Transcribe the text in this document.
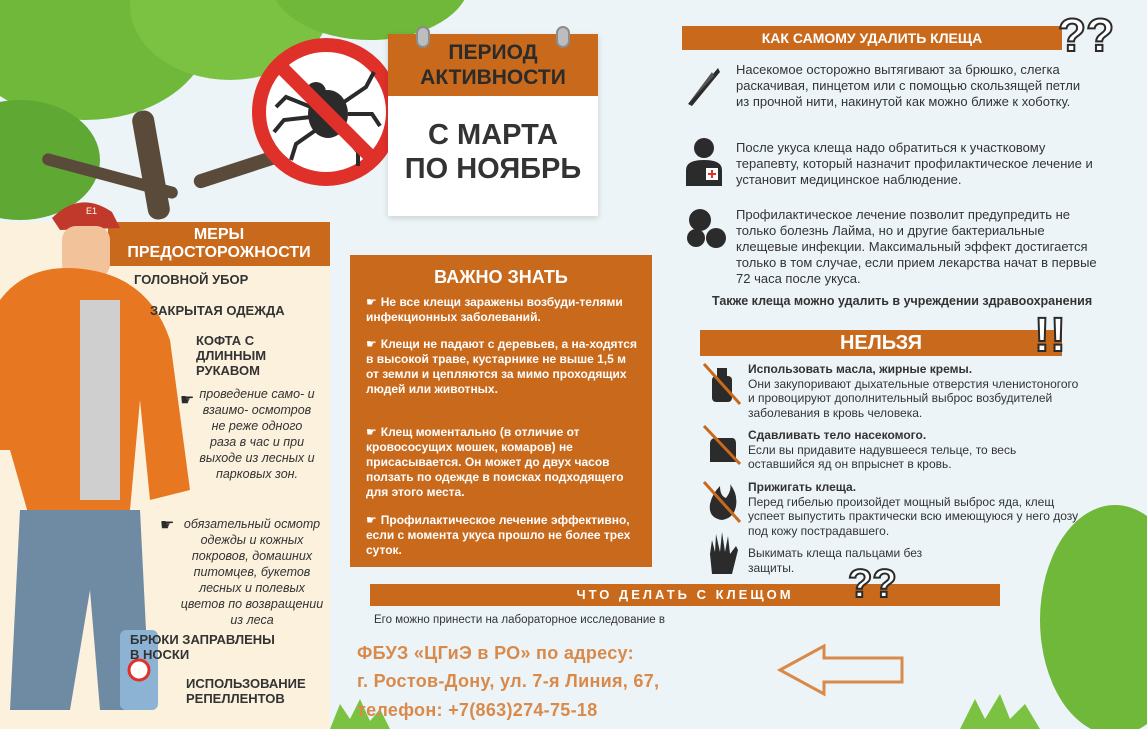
ПЕРИОД
АКТИВНОСТИ
С МАРТА
ПО НОЯБРЬ
КАК САМОМУ УДАЛИТЬ КЛЕЩА	??
Насекомое осторожно вытягивают за брюшко, слегка раскачивая, пинцетом или с помощью скользящей петли из прочной нити, накинутой как можно ближе к хоботку.
После укуса клеща надо обратиться к участковому терапевту, который назначит профилактическое лечение и установит медицинское наблюдение.
Профилактическое лечение позволит предупредить не только болезнь Лайма, но и другие бактериальные клещевые инфекции. Максимальный эффект достигается только в том случае, если прием лекарства начат в первые 72 часа после укуса.
Также клеща можно удалить в учреждении здравоохранения
НЕЛЬЗЯ	!!
Использовать масла, жирные кремы.
Они закупоривают дыхательные отверстия членистоногого и провоцируют дополнительный выброс возбудителей заболевания в кровь человека.
Сдавливать тело насекомого.
Если вы придавите надувшееся тельце, то весь оставшийся яд он впрыснет в кровь.
Прижигать клеща.
Перед гибелью произойдет мощный выброс яда, клещ успеет выпустить практически всю имеющуюся у него дозу под кожу пострадавшего.
Выкимать клеща пальцами без защиты.
МЕРЫ
ПРЕДОСТОРОЖНОСТИ
E1
ГОЛОВНОЙ УБОР
ЗАКРЫТАЯ ОДЕЖДА
КОФТА С
ДЛИННЫМ
РУКАВОМ
☛ проведение само- и взаимо- осмотров не реже одного раза в час и при выходе из лесных и парковых зон.
☛ обязательный осмотр одежды и кожных покровов, домашних питомцев, букетов лесных и полевых цветов по возвращении из леса
БРЮКИ ЗАПРАВЛЕНЫ
В НОСКИ
ИСПОЛЬЗОВАНИЕ
РЕПЕЛЛЕНТОВ
ВАЖНО ЗНАТЬ
☛ Не все клещи заражены возбуди-телями инфекционных заболеваний.
☛ Клещи не падают с деревьев, а на-ходятся в высокой траве, кустарнике не выше 1,5 м от земли и цепляются за мимо проходящих людей или животных.
☛ Клещ моментально (в отличие от кровососущих мошек, комаров) не присасывается. Он может до двух часов ползать по одежде в поисках подходящего для этого места.
☛ Профилактическое лечение эффективно, если с момента укуса прошло не более трех суток.
ЧТО ДЕЛАТЬ С КЛЕЩОМ	??
Его можно принести на лабораторное исследование в
ФБУЗ «ЦГиЭ в РО» по адресу:
г. Ростов-Дону, ул. 7-я Линия, 67,
телефон: +7(863)274-75-18
